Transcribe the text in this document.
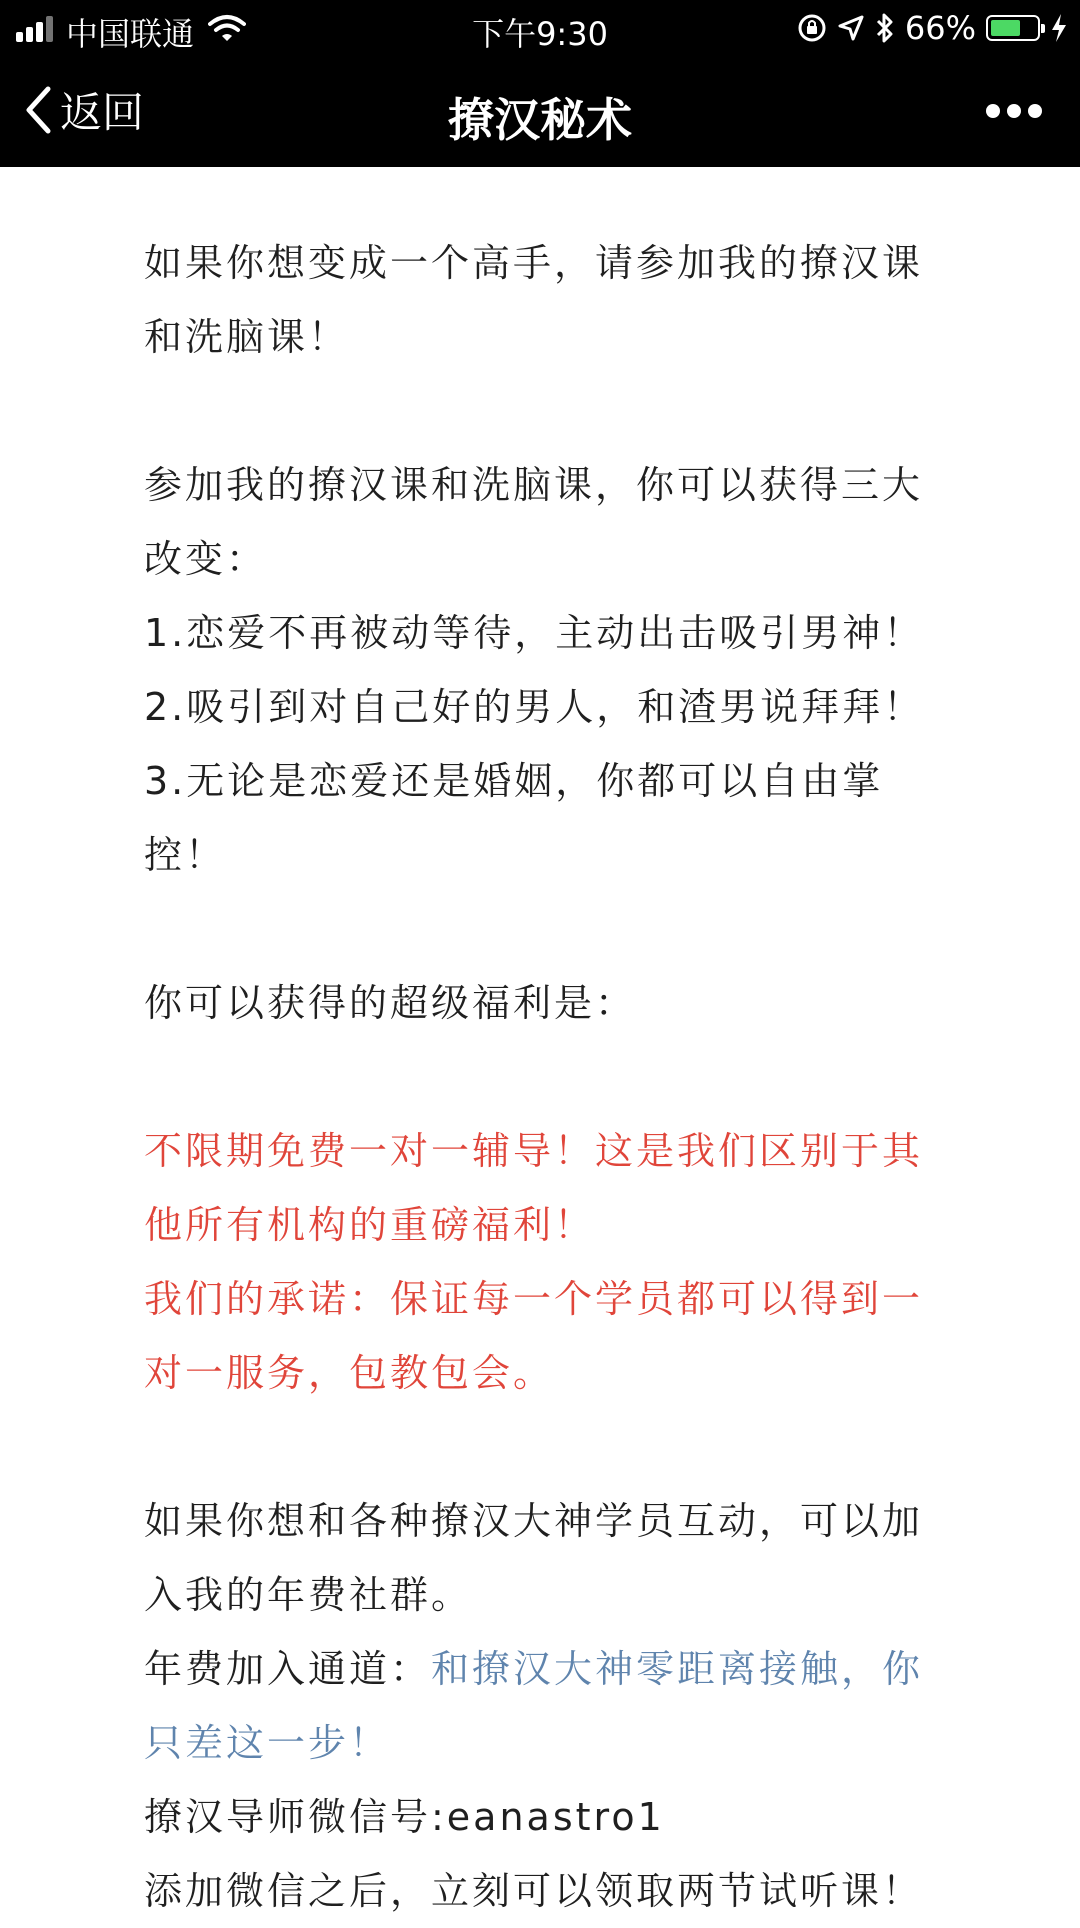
中国联通	下午9:30	66%
返回	撩汉秘术
如果你想变成一个高手，请参加我的撩汉课和洗脑课！
参加我的撩汉课和洗脑课，你可以获得三大改变：
1.恋爱不再被动等待，主动出击吸引男神！
2.吸引到对自己好的男人，和渣男说拜拜！
3.无论是恋爱还是婚姻，你都可以自由掌控！
你可以获得的超级福利是：
不限期免费一对一辅导！这是我们区别于其他所有机构的重磅福利！
我们的承诺：保证每一个学员都可以得到一对一服务，包教包会。
如果你想和各种撩汉大神学员互动，可以加入我的年费社群。
年费加入通道：和撩汉大神零距离接触，你只差这一步！
撩汉导师微信号:eanastro1
添加微信之后，立刻可以领取两节试听课！
